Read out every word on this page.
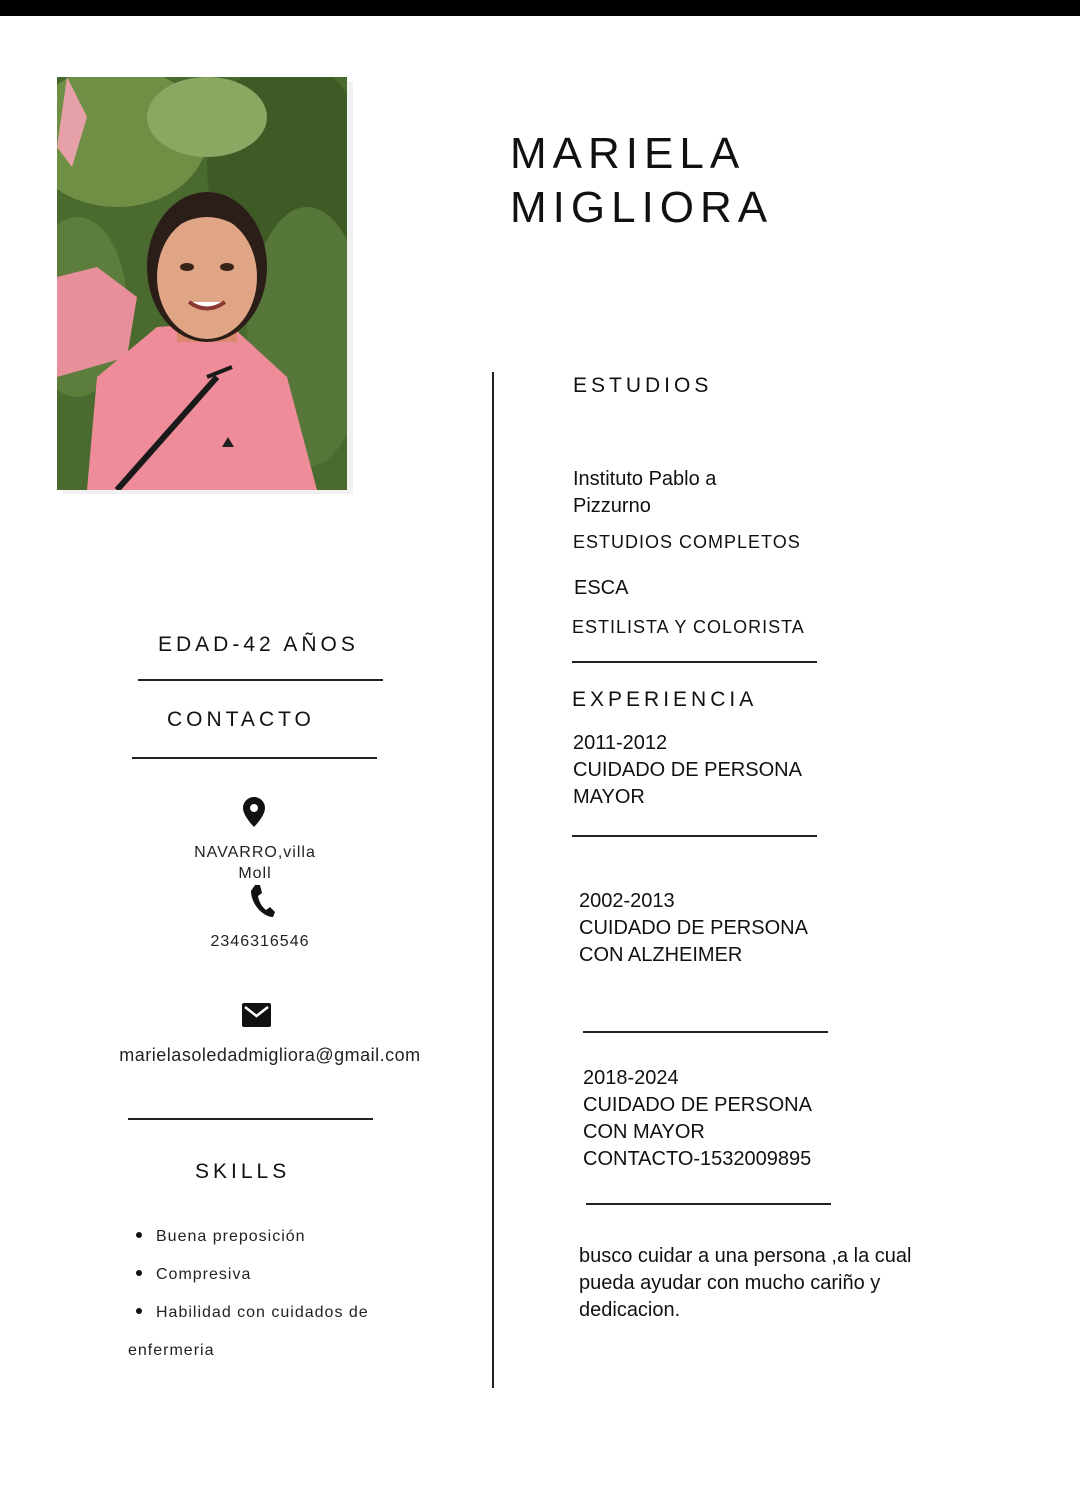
MARIELA
MIGLIORA

EDAD-42 AÑOS

CONTACTO

NAVARRO,villa
Moll
2346316546
marielasoledadmigliora@gmail.com

SKILLS

Buena preposición
Compresiva
Habilidad con cuidados de
enfermeria

ESTUDIOS

Instituto Pablo a
Pizzurno

ESTUDIOS COMPLETOS

ESCA

ESTILISTA Y COLORISTA

EXPERIENCIA

2011-2012
CUIDADO DE PERSONA
MAYOR

2002-2013
CUIDADO DE PERSONA
CON ALZHEIMER

2018-2024
CUIDADO DE PERSONA
CON MAYOR
CONTACTO-1532009895

busco cuidar a una persona ,a la cual
pueda ayudar con mucho cariño y
dedicacion.
